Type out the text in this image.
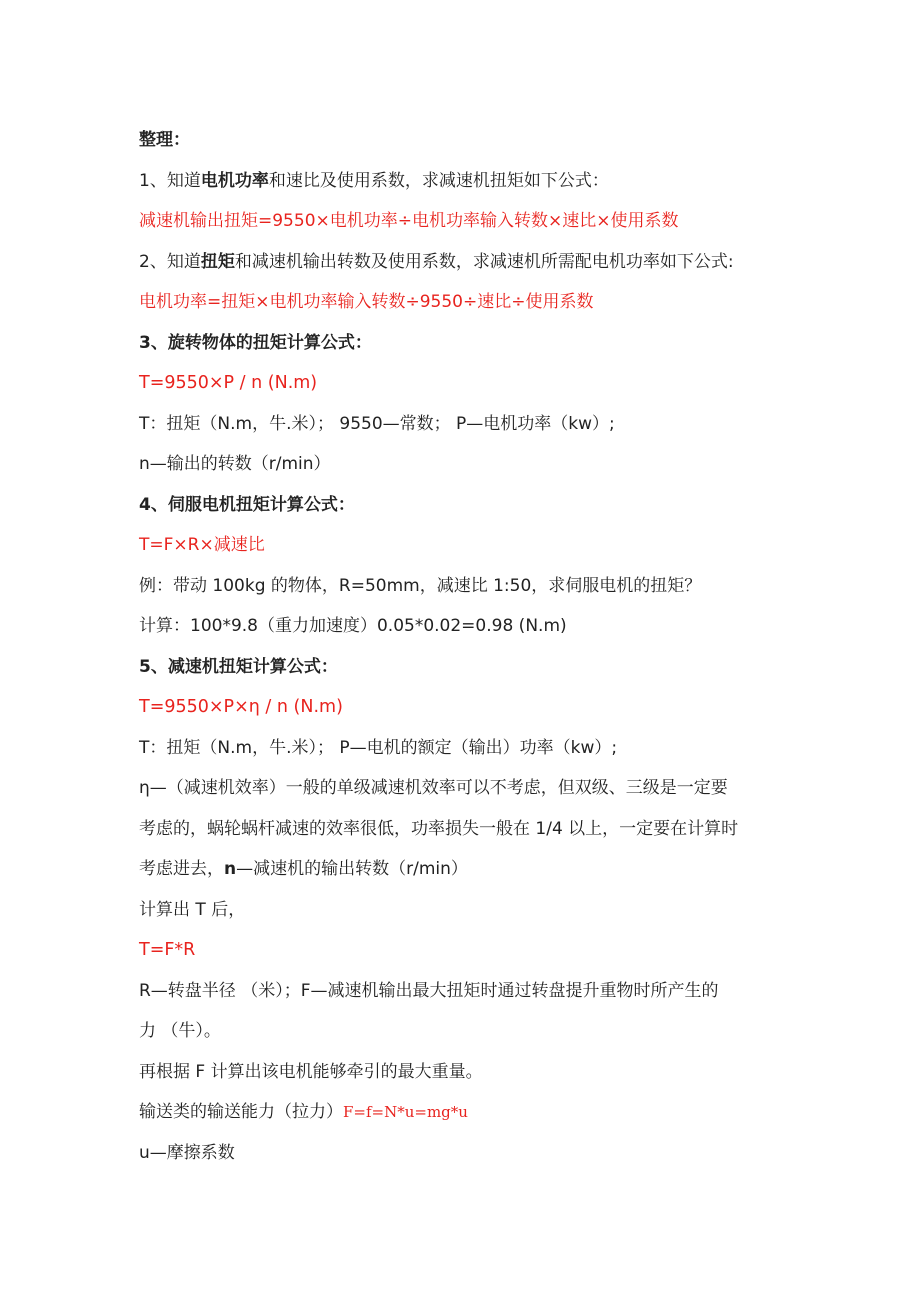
整理：
1、知道电机功率和速比及使用系数，求减速机扭矩如下公式：
减速机输出扭矩=9550×电机功率÷电机功率输入转数×速比×使用系数
2、知道扭矩和减速机输出转数及使用系数，求减速机所需配电机功率如下公式:
电机功率=扭矩×电机功率输入转数÷9550÷速比÷使用系数
3、旋转物体的扭矩计算公式：
T=9550×P / n (N.m)
T：扭矩（N.m，牛.米）； 9550—常数； P—电机功率（kw）;
n—输出的转数（r/min）
4、伺服电机扭矩计算公式：
T=F×R×减速比
例：带动 100kg 的物体，R=50mm，减速比 1:50，求伺服电机的扭矩？
计算：100*9.8（重力加速度）0.05*0.02=0.98 (N.m)
5、减速机扭矩计算公式：
T=9550×P×η / n (N.m)
T：扭矩（N.m，牛.米）； P—电机的额定（输出）功率（kw）;
η—（减速机效率）一般的单级减速机效率可以不考虑，但双级、三级是一定要
考虑的，蜗轮蜗杆减速的效率很低，功率损失一般在 1/4 以上，一定要在计算时
考虑进去，n—减速机的输出转数（r/min）
计算出 T 后，
T=F*R
R—转盘半径 （米）；F—减速机输出最大扭矩时通过转盘提升重物时所产生的
力 （牛）。
再根据 F 计算出该电机能够牵引的最大重量。
输送类的输送能力（拉力）F=f=N*u=mg*u
u—摩擦系数
